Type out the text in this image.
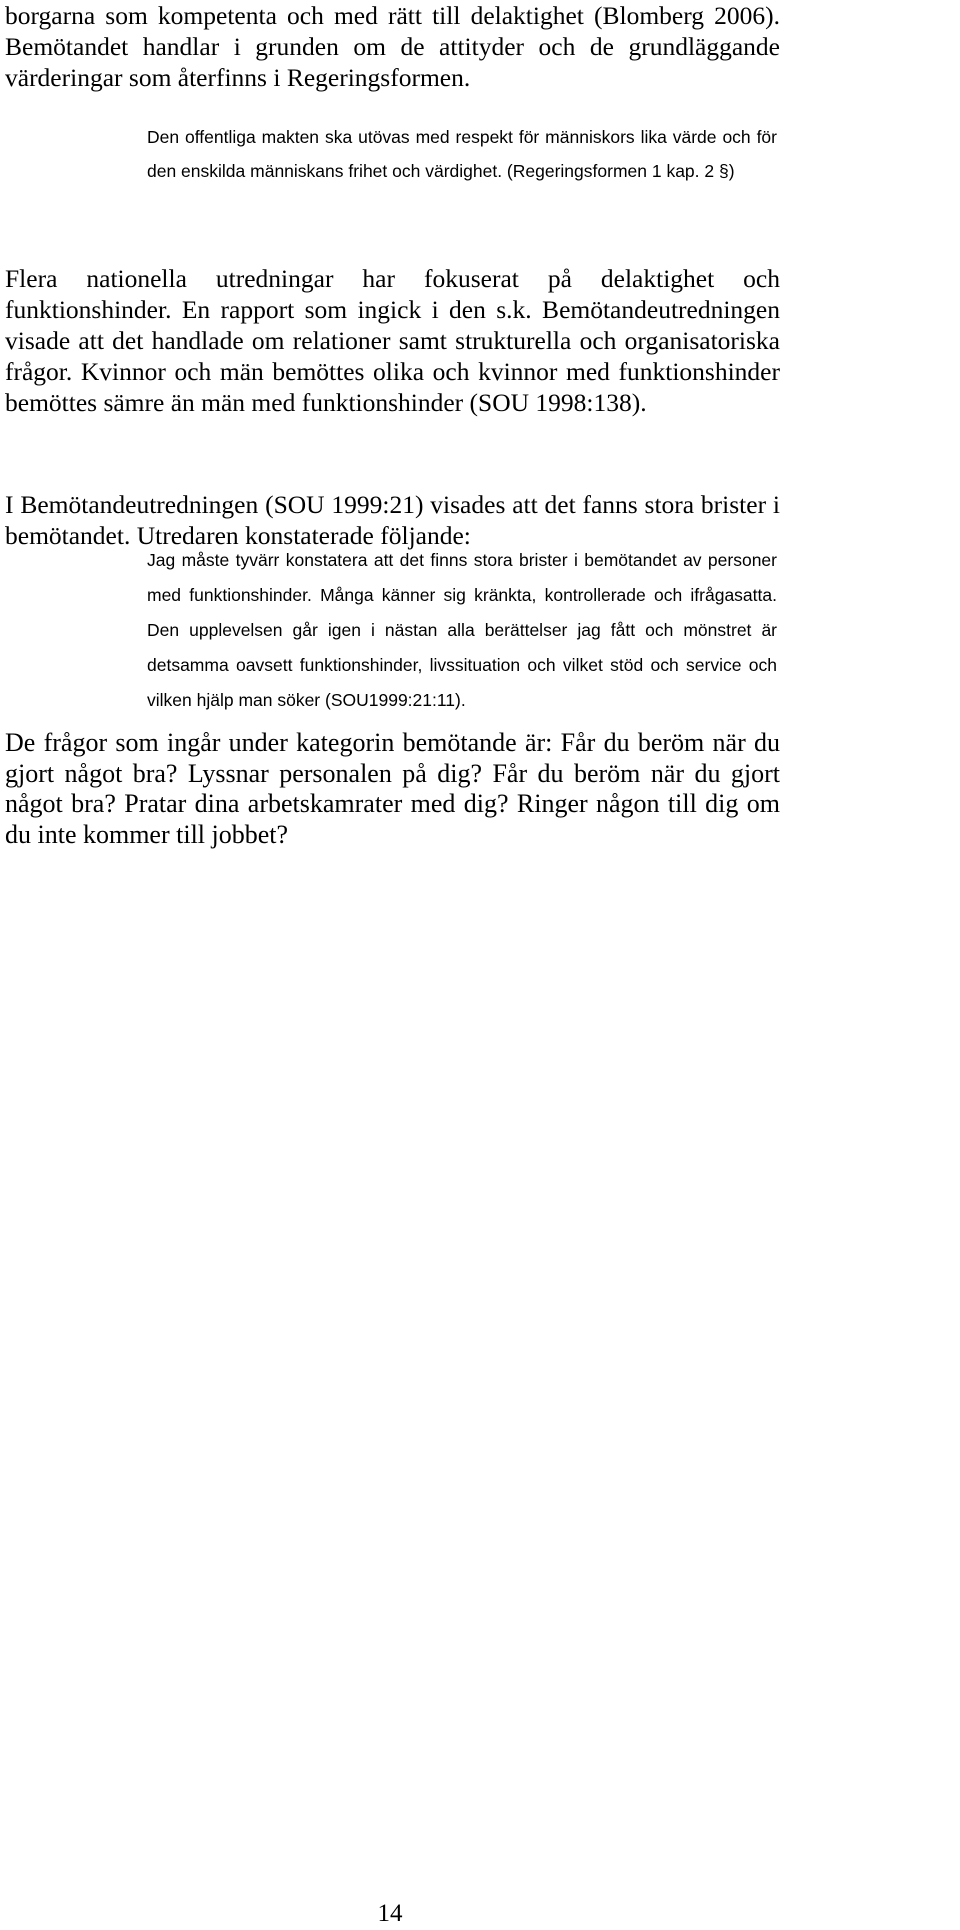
borgarna som kompetenta och med rätt till delaktighet (Blomberg 2006). Bemötandet handlar i grunden om de attityder och de grundläggande värderingar som återfinns i Regeringsformen.

Den offentliga makten ska utövas med respekt för människors lika värde och för den enskilda människans frihet och värdighet. (Regeringsformen 1 kap. 2 §)

Flera nationella utredningar har fokuserat på delaktighet och funktionshinder. En rapport som ingick i den s.k. Bemötandeutredningen visade att det handlade om relationer samt strukturella och organisatoriska frågor. Kvinnor och män bemöttes olika och kvinnor med funktionshinder bemöttes sämre än män med funktionshinder (SOU 1998:138).

I Bemötandeutredningen (SOU 1999:21) visades att det fanns stora brister i bemötandet. Utredaren konstaterade följande:

Jag måste tyvärr konstatera att det finns stora brister i bemötandet av personer med funktionshinder. Många känner sig kränkta, kontrollerade och ifrågasatta. Den upplevelsen går igen i nästan alla berättelser jag fått och mönstret är detsamma oavsett funktionshinder, livssituation och vilket stöd och service och vilken hjälp man söker (SOU1999:21:11).

De frågor som ingår under kategorin bemötande är: Får du beröm när du gjort något bra? Lyssnar personalen på dig? Får du beröm när du gjort något bra? Pratar dina arbetskamrater med dig? Ringer någon till dig om du inte kommer till jobbet?

14
